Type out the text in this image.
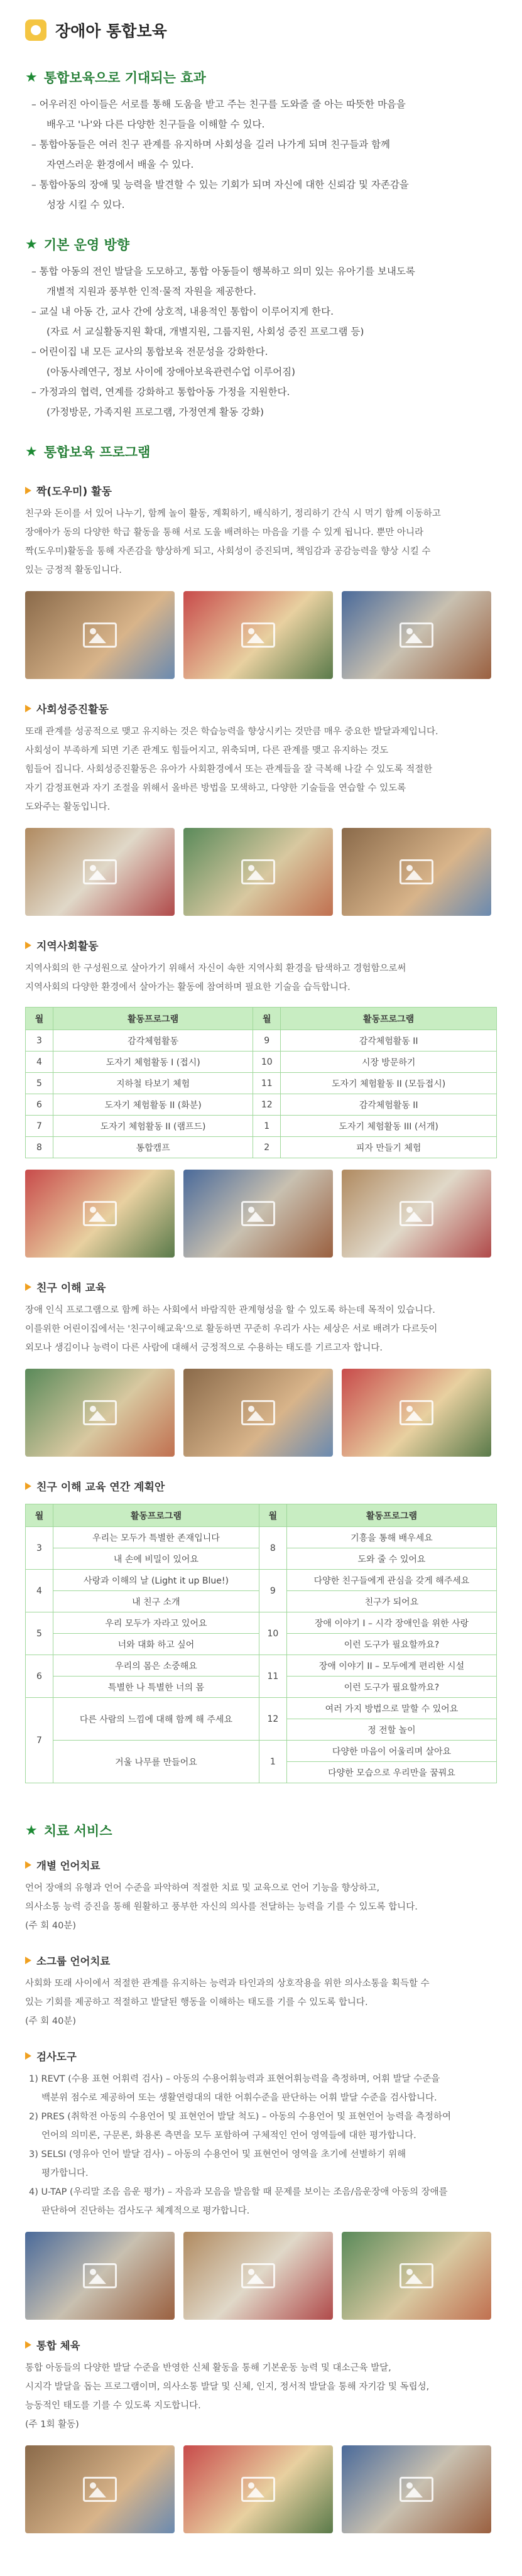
장애아 통합보육
★ 통합보육으로 기대되는 효과
– 어우러진 아이들은 서로를 통해 도움을 받고 주는 친구를 도와줄 줄 아는 따뜻한 마음을
배우고 '나'와 다른 다양한 친구들을 이해할 수 있다.
– 통합아동들은 여러 친구 관계를 유지하며 사회성을 길러 나가게 되며 친구들과 함께
자연스러운 환경에서 배울 수 있다.
– 통합아동의 장애 및 능력을 발견할 수 있는 기회가 되며 자신에 대한 신뢰감 및 자존감을
성장 시킬 수 있다.
★ 기본 운영 방향
– 통합 아동의 전인 발달을 도모하고, 통합 아동들이 행복하고 의미 있는 유아기를 보내도록
개별적 지원과 풍부한 인적·물적 자원을 제공한다.
– 교실 내 아동 간, 교사 간에 상호적, 내용적인 통합이 이루어지게 한다.
(자료 서 교실활동지원 확대, 개별지원, 그룹지원, 사회성 증진 프로그램 등)
– 어린이집 내 모든 교사의 통합보육 전문성을 강화한다.
(아동사례연구, 정보 사이에 장애아보육관련수업 이루어짐)
– 가정과의 협력, 연계를 강화하고 통합아동 가정을 지원한다.
(가정방문, 가족지원 프로그램, 가정연계 활동 강화)
★ 통합보육 프로그램
짝(도우미) 활동
친구와 돈이를 서 있어 나누기, 함께 놀이 활동, 계획하기, 배식하기, 정리하기 간식 시 먹기 함께 이동하고
장애아가 동의 다양한 학급 활동을 통해 서로 도울 배려하는 마음을 기를 수 있게 됩니다. 뿐만 아니라
짝(도우미)활동을 통해 자존감을 향상하게 되고, 사회성이 증진되며, 책임감과 공감능력을 향상 시킬 수
있는 긍정적 활동입니다.
사회성증진활동
또래 관계를 성공적으로 맺고 유지하는 것은 학습능력을 향상시키는 것만큼 매우 중요한 발달과제입니다.
사회성이 부족하게 되면 기존 관계도 힘들어지고, 위축되며, 다른 관계를 맺고 유지하는 것도
힘들어 집니다. 사회성증진활동은 유아가 사회환경에서 또는 관계들을 잘 극복해 나갈 수 있도록 적절한
자기 감정표현과 자기 조절을 위해서 올바른 방법을 모색하고, 다양한 기술들을 연습할 수 있도록
도와주는 활동입니다.
지역사회활동
지역사회의 한 구성원으로 살아가기 위해서 자신이 속한 지역사회 환경을 탐색하고 경험함으로써
지역사회의 다양한 환경에서 살아가는 활동에 참여하며 필요한 기술을 습득합니다.
월	활동프로그램	월	활동프로그램
3	감각체험활동	9	감각체험활동 II
4	도자기 체험활동 I (접시)	10	시장 방문하기
5	지하철 타보기 체험	11	도자기 체험활동 II (모듬접시)
6	도자기 체험활동 II (화분)	12	감각체험활동 II
7	도자기 체험활동 II (램프드)	1	도자기 체험활동 III (서개)
8	통합캠프	2	피자 만들기 체험
친구 이해 교육
장애 인식 프로그램으로 함께 하는 사회에서 바람직한 관계형성을 할 수 있도록 하는데 목적이 있습니다.
이를위한 어린이집에서는 '친구이해교육'으로 활동하면 꾸준히 우리가 사는 세상은 서로 배려가 다르듯이
외모나 생김이나 능력이 다른 사람에 대해서 긍정적으로 수용하는 태도를 기르고자 합니다.
친구 이해 교육 연간 계획안
월	활동프로그램	월	활동프로그램
3	우리는 모두가 특별한 존재입니다	8	기흥을 통해 배우세요
	내 손에 비밀이 있어요		도와 줄 수 있어요
4	사랑과 이해의 날 (Light it up Blue!)	9	다양한 친구들에게 관심을 갖게 해주세요
	내 친구 소개		친구가 되어요
5	우리 모두가 자라고 있어요	10	장애 이야기 I – 시각 장애인을 위한 사랑
	너와 대화 하고 싶어		이런 도구가 필요할까요?
6	우리의 몸은 소중해요	11	장애 이야기 II – 모두에게 편리한 시설
	특별한 나 특별한 너의 몸		이런 도구가 필요할까요?
7	다른 사람의 느낌에 대해 함께 해 주세요	12	여러 가지 방법으로 말할 수 있어요
			정 전할 놀이
	거울 나무를 만들어요	1	다양한 마음이 어울리며 살아요
			다양한 모습으로 우리만을 꿈꿔요
★ 치료 서비스
개별 언어치료
언어 장애의 유형과 언어 수준을 파악하여 적절한 치료 및 교육으로 언어 기능을 향상하고,
의사소통 능력 증진을 통해 원활하고 풍부한 자신의 의사를 전달하는 능력을 기를 수 있도록 합니다.
(주 회 40분)
소그룹 언어치료
사회화 또래 사이에서 적절한 관계를 유지하는 능력과 타인과의 상호작용을 위한 의사소통을 획득할 수
있는 기회를 제공하고 적절하고 발달된 행동을 이해하는 태도를 기를 수 있도록 합니다.
(주 회 40분)
검사도구
1) REVT (수용 표현 어휘력 검사) – 아동의 수용어휘능력과 표현어휘능력을 측정하며, 어휘 발달 수준을
백분위 점수로 제공하여 또는 생활연령대의 대한 어휘수준을 판단하는 어휘 발달 수준을 검사합니다.
2) PRES (취학전 아동의 수용언어 및 표현언어 발달 척도) – 아동의 수용언어 및 표현언어 능력을 측정하여
언어의 의미론, 구문론, 화용론 측면을 모두 포함하여 구체적인 언어 영역들에 대한 평가합니다.
3) SELSI (영유아 언어 발달 검사) – 아동의 수용언어 및 표현언어 영역을 초기에 선별하기 위해
평가합니다.
4) U-TAP (우리말 조음 음운 평가) – 자음과 모음을 발음할 때 문제를 보이는 조음/음운장애 아동의 장애를
판단하여 진단하는 검사도구 체계적으로 평가합니다.
통합 체육
통합 아동들의 다양한 발달 수준을 반영한 신체 활동을 통해 기본운동 능력 및 대소근육 발달,
시지각 발달을 돕는 프로그램이며, 의사소통 발달 및 신체, 인지, 정서적 발달을 통해 자기감 및 독립성,
능동적인 태도를 기를 수 있도록 지도합니다.
(주 1회 활동)
